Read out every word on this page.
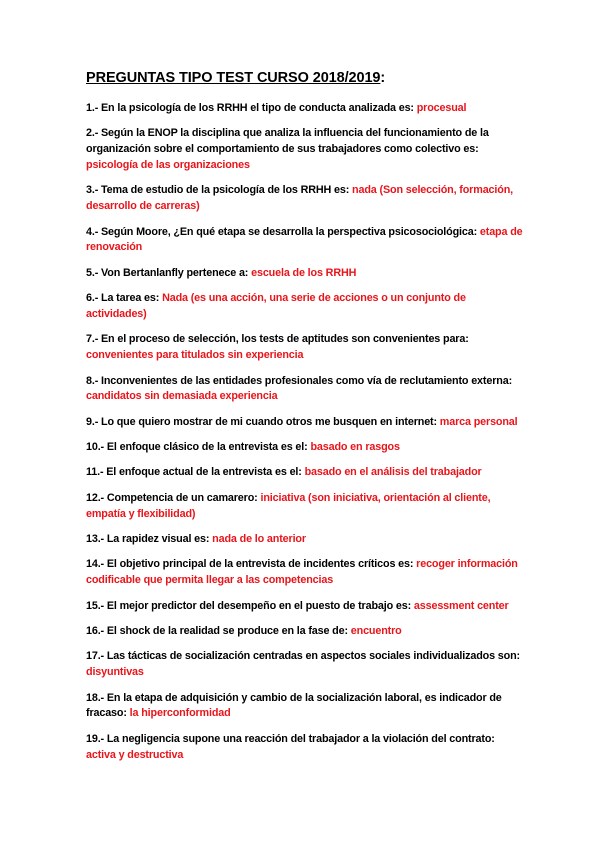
PREGUNTAS TIPO TEST CURSO 2018/2019:
1.- En la psicología de los RRHH el tipo de conducta analizada es: procesual
2.- Según la ENOP la disciplina que analiza la influencia del funcionamiento de la organización sobre el comportamiento de sus trabajadores como colectivo es: psicología de las organizaciones
3.- Tema de estudio de la psicología de los RRHH es: nada (Son selección, formación, desarrollo de carreras)
4.- Según Moore, ¿En qué etapa se desarrolla la perspectiva psicosociológica: etapa de renovación
5.- Von Bertanlanfly pertenece a: escuela de los RRHH
6.- La tarea es: Nada (es una acción, una serie de acciones o un conjunto de actividades)
7.- En el proceso de selección, los tests de aptitudes son convenientes para: convenientes para titulados sin experiencia
8.- Inconvenientes de las entidades profesionales como vía de reclutamiento externa: candidatos sin demasiada experiencia
9.- Lo que quiero mostrar de mi cuando otros me busquen en internet: marca personal
10.- El enfoque clásico de la entrevista es el: basado en rasgos
11.- El enfoque actual de la entrevista es el: basado en el análisis del trabajador
12.- Competencia de un camarero: iniciativa (son iniciativa, orientación al cliente, empatía y flexibilidad)
13.- La rapidez visual es: nada de lo anterior
14.- El objetivo principal de la entrevista de incidentes críticos es: recoger información codificable que permita llegar a las competencias
15.- El mejor predictor del desempeño en el puesto de trabajo es: assessment center
16.- El shock de la realidad se produce en la fase de: encuentro
17.- Las tácticas de socialización centradas en aspectos sociales individualizados son: disyuntivas
18.- En la etapa de adquisición y cambio de la socialización laboral, es indicador de fracaso: la hiperconformidad
19.- La negligencia supone una reacción del trabajador a la violación del contrato: activa y destructiva
